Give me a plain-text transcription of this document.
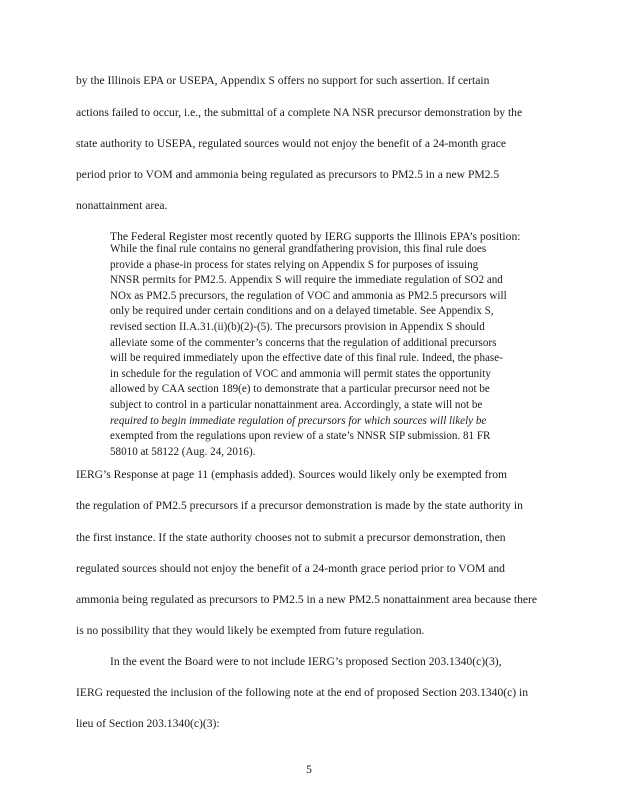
by the Illinois EPA or USEPA, Appendix S offers no support for such assertion. If certain
actions failed to occur, i.e., the submittal of a complete NA NSR precursor demonstration by the
state authority to USEPA, regulated sources would not enjoy the benefit of a 24-month grace
period prior to VOM and ammonia being regulated as precursors to PM2.5 in a new PM2.5
nonattainment area.
The Federal Register most recently quoted by IERG supports the Illinois EPA’s position:
While the final rule contains no general grandfathering provision, this final rule does
provide a phase-in process for states relying on Appendix S for purposes of issuing
NNSR permits for PM2.5. Appendix S will require the immediate regulation of SO2 and
NOx as PM2.5 precursors, the regulation of VOC and ammonia as PM2.5 precursors will
only be required under certain conditions and on a delayed timetable. See Appendix S,
revised section II.A.31.(ii)(b)(2)-(5). The precursors provision in Appendix S should
alleviate some of the commenter’s concerns that the regulation of additional precursors
will be required immediately upon the effective date of this final rule. Indeed, the phase-
in schedule for the regulation of VOC and ammonia will permit states the opportunity
allowed by CAA section 189(e) to demonstrate that a particular precursor need not be
subject to control in a particular nonattainment area. Accordingly, a state will not be
required to begin immediate regulation of precursors for which sources will likely be
exempted from the regulations upon review of a state’s NNSR SIP submission. 81 FR
58010 at 58122 (Aug. 24, 2016).
IERG’s Response at page 11 (emphasis added). Sources would likely only be exempted from
the regulation of PM2.5 precursors if a precursor demonstration is made by the state authority in
the first instance. If the state authority chooses not to submit a precursor demonstration, then
regulated sources should not enjoy the benefit of a 24-month grace period prior to VOM and
ammonia being regulated as precursors to PM2.5 in a new PM2.5 nonattainment area because there
is no possibility that they would likely be exempted from future regulation.
In the event the Board were to not include IERG’s proposed Section 203.1340(c)(3),
IERG requested the inclusion of the following note at the end of proposed Section 203.1340(c) in
lieu of Section 203.1340(c)(3):
5
